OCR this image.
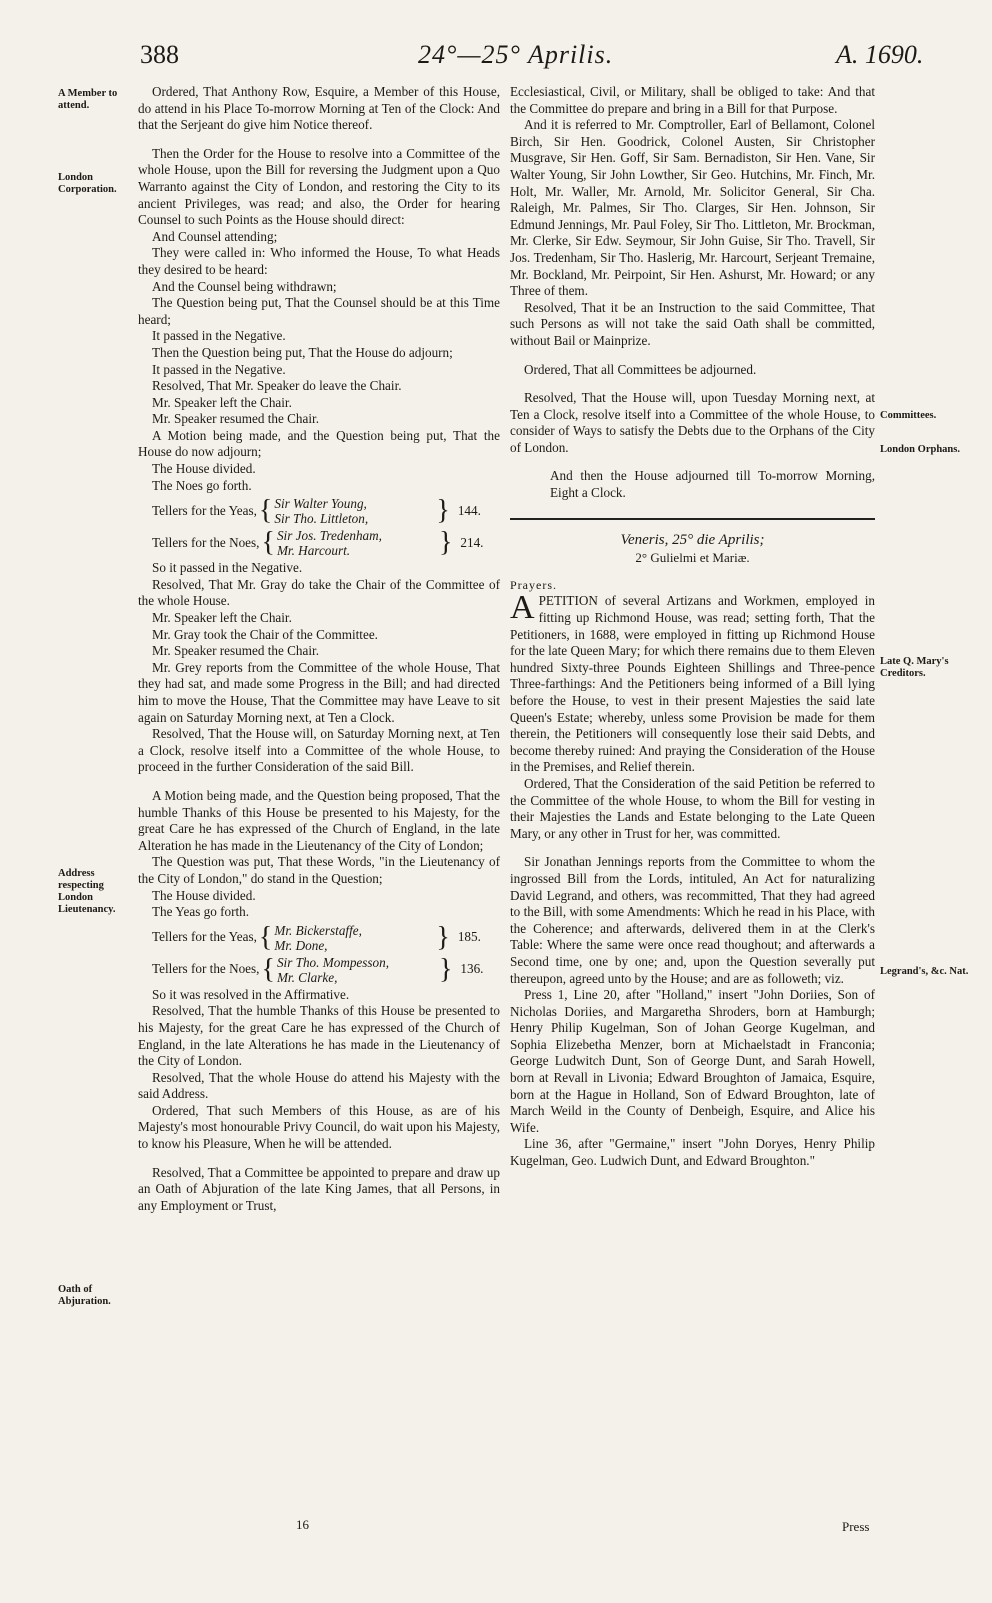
388	24°—25° Aprilis.	A. 1690.
A Member to attend.
London Corporation.
Address respecting London Lieutenancy.
Oath of Abjuration.
Committees.
London Orphans.
Late Q. Mary's Creditors.
Legrand's, &c. Nat.

Ordered, That Anthony Row, Esquire, a Member of this House, do attend in his Place To-morrow Morning at Ten of the Clock: And that the Serjeant do give him Notice thereof.

Then the Order for the House to resolve into a Committee of the whole House, upon the Bill for reversing the Judgment upon a Quo Warranto against the City of London, and restoring the City to its ancient Privileges, was read; and also, the Order for hearing Counsel to such Points as the House should direct:

And Counsel attending;

They were called in: Who informed the House, To what Heads they desired to be heard:

And the Counsel being withdrawn;

The Question being put, That the Counsel should be at this Time heard;

It passed in the Negative.

Then the Question being put, That the House do adjourn;

It passed in the Negative.

Resolved, That Mr. Speaker do leave the Chair.

Mr. Speaker left the Chair.

Mr. Speaker resumed the Chair.

A Motion being made, and the Question being put, That the House do now adjourn;

The House divided.

The Noes go forth.

Tellers for the Yeas, { Sir Walter Young,
Sir Tho. Littleton,	} 144.
Tellers for the Noes, { Sir Jos. Tredenham,
Mr. Harcourt.	} 214.

So it passed in the Negative.

Resolved, That Mr. Gray do take the Chair of the Committee of the whole House.

Mr. Speaker left the Chair.

Mr. Gray took the Chair of the Committee.

Mr. Speaker resumed the Chair.

Mr. Grey reports from the Committee of the whole House, That they had sat, and made some Progress in the Bill; and had directed him to move the House, That the Committee may have Leave to sit again on Saturday Morning next, at Ten a Clock.

Resolved, That the House will, on Saturday Morning next, at Ten a Clock, resolve itself into a Committee of the whole House, to proceed in the further Consideration of the said Bill.

A Motion being made, and the Question being proposed, That the humble Thanks of this House be presented to his Majesty, for the great Care he has expressed of the Church of England, in the late Alteration he has made in the Lieutenancy of the City of London;

The Question was put, That these Words, "in the Lieutenancy of the City of London," do stand in the Question;

The House divided.

The Yeas go forth.

Tellers for the Yeas, { Mr. Bickerstaffe,
Mr. Done,	} 185.
Tellers for the Noes, { Sir Tho. Mompesson,
Mr. Clarke,	} 136.

So it was resolved in the Affirmative.

Resolved, That the humble Thanks of this House be presented to his Majesty, for the great Care he has expressed of the Church of England, in the late Alterations he has made in the Lieutenancy of the City of London.

Resolved, That the whole House do attend his Majesty with the said Address.

Ordered, That such Members of this House, as are of his Majesty's most honourable Privy Council, do wait upon his Majesty, to know his Pleasure, When he will be attended.

Resolved, That a Committee be appointed to prepare and draw up an Oath of Abjuration of the late King James, that all Persons, in any Employment or Trust,

Ecclesiastical, Civil, or Military, shall be obliged to take: And that the Committee do prepare and bring in a Bill for that Purpose.

And it is referred to Mr. Comptroller, Earl of Bellamont, Colonel Birch, Sir Hen. Goodrick, Colonel Austen, Sir Christopher Musgrave, Sir Hen. Goff, Sir Sam. Bernadiston, Sir Hen. Vane, Sir Walter Young, Sir John Lowther, Sir Geo. Hutchins, Mr. Finch, Mr. Holt, Mr. Waller, Mr. Arnold, Mr. Solicitor General, Sir Cha. Raleigh, Mr. Palmes, Sir Tho. Clarges, Sir Hen. Johnson, Sir Edmund Jennings, Mr. Paul Foley, Sir Tho. Littleton, Mr. Brockman, Mr. Clerke, Sir Edw. Seymour, Sir John Guise, Sir Tho. Travell, Sir Jos. Tredenham, Sir Tho. Haslerig, Mr. Harcourt, Serjeant Tremaine, Mr. Bockland, Mr. Peirpoint, Sir Hen. Ashurst, Mr. Howard; or any Three of them.

Resolved, That it be an Instruction to the said Committee, That such Persons as will not take the said Oath shall be committed, without Bail or Mainprize.

Ordered, That all Committees be adjourned.

Resolved, That the House will, upon Tuesday Morning next, at Ten a Clock, resolve itself into a Committee of the whole House, to consider of Ways to satisfy the Debts due to the Orphans of the City of London.

And then the House adjourned till To-morrow Morning, Eight a Clock.

Veneris, 25° die Aprilis;
2° Gulielmi et Mariæ.

Prayers.

APETITION of several Artizans and Workmen, employed in fitting up Richmond House, was read; setting forth, That the Petitioners, in 1688, were employed in fitting up Richmond House for the late Queen Mary; for which there remains due to them Eleven hundred Sixty-three Pounds Eighteen Shillings and Three-pence Three-farthings: And the Petitioners being informed of a Bill lying before the House, to vest in their present Majesties the said late Queen's Estate; whereby, unless some Provision be made for them therein, the Petitioners will consequently lose their said Debts, and become thereby ruined: And praying the Consideration of the House in the Premises, and Relief therein.

Ordered, That the Consideration of the said Petition be referred to the Committee of the whole House, to whom the Bill for vesting in their Majesties the Lands and Estate belonging to the Late Queen Mary, or any other in Trust for her, was committed.

Sir Jonathan Jennings reports from the Committee to whom the ingrossed Bill from the Lords, intituled, An Act for naturalizing David Legrand, and others, was recommitted, That they had agreed to the Bill, with some Amendments: Which he read in his Place, with the Coherence; and afterwards, delivered them in at the Clerk's Table: Where the same were once read thoughout; and afterwards a Second time, one by one; and, upon the Question severally put thereupon, agreed unto by the House; and are as followeth; viz.

Press 1, Line 20, after "Holland," insert "John Doriies, Son of Nicholas Doriies, and Margaretha Shroders, born at Hamburgh; Henry Philip Kugelman, Son of Johan George Kugelman, and Sophia Elizebetha Menzer, born at Michaelstadt in Franconia; George Ludwitch Dunt, Son of George Dunt, and Sarah Howell, born at Revall in Livonia; Edward Broughton of Jamaica, Esquire, born at the Hague in Holland, Son of Edward Broughton, late of March Weild in the County of Denbeigh, Esquire, and Alice his Wife.

Line 36, after "Germaine," insert "John Doryes, Henry Philip Kugelman, Geo. Ludwich Dunt, and Edward Broughton."

16	Press
